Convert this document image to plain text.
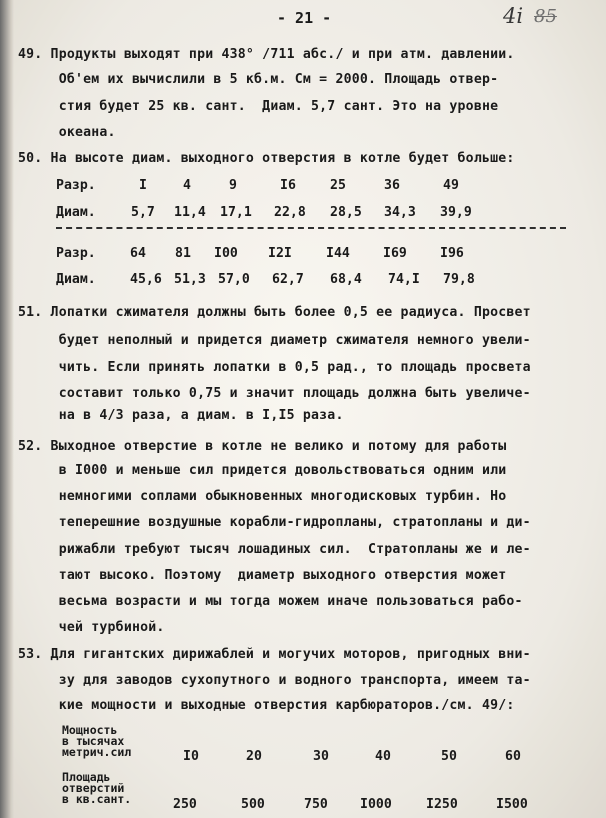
- 21 -	4i 85
49. Продукты выходят при 438° /711 абс./ и при атм. давлении.
Об'ем их вычислили в 5 кб.м. См = 2000. Площадь отвер-
стия будет 25 кв. сант.  Диам. 5,7 сант. Это на уровне
океана.
50. На высоте диам. выходного отверстия в котле будет больше:
Разр.	I	4	9	I6	25	36	49
Диам.	5,7 11,4 17,1 22,8 28,5 34,3 39,9
Разр.	64 81 I00 I2I	I44	I69	I96
Диам.	45,6 51,3 57,0 62,7 68,4 74,I 79,8
51. Лопатки сжимателя должны быть более 0,5 ее радиуса. Просвет
будет неполный и придется диаметр сжимателя немного увели-
чить. Если принять лопатки в 0,5 рад., то площадь просвета
составит только 0,75 и значит площадь должна быть увеличе-
на в 4/3 раза, а диам. в I,I5 раза.
52. Выходное отверстие в котле не велико и потому для работы
в I000 и меньше сил придется довольствоваться одним или
немногими соплами обыкновенных многодисковых турбин. Но
теперешние воздушные корабли-гидропланы, стратопланы и ди-
рижабли требуют тысяч лошадиных сил.  Стратопланы же и ле-
тают высоко. Поэтому  диаметр выходного отверстия может
весьма возрасти и мы тогда можем иначе пользоваться рабо-
чей турбиной.
53. Для гигантских дирижаблей и могучих моторов, пригодных вни-
зу для заводов сухопутного и водного транспорта, имеем та-
кие мощности и выходные отверстия карбюраторов./см. 49/:
Мощность
в тысячах
метрич.сил	I0	20	30	40	50	60
Площадь
отверстий
в кв.сант.	250	500	750 I000	I250	I500
